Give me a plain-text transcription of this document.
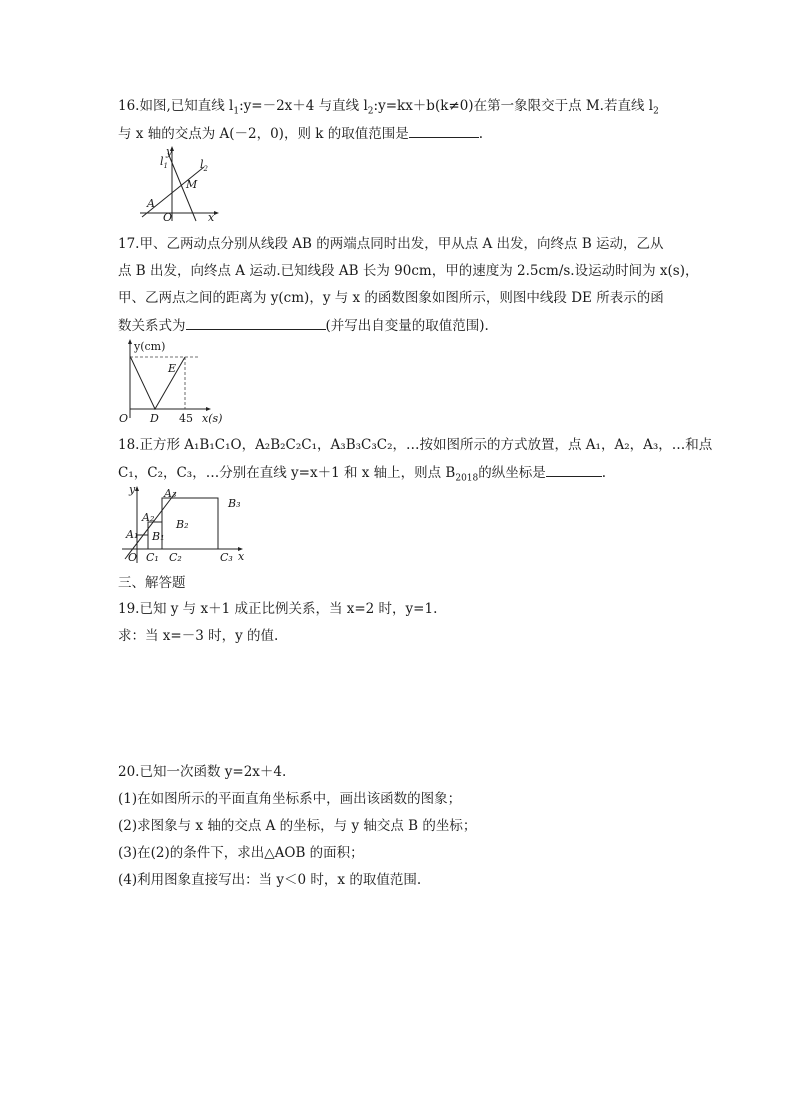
16.如图,已知直线 $l_1:y=-2x+4$ 与直线 $l_2:y=kx+b(k\ne 0)$在第一象限交于点 M.若直线 $l_2$
与 x 轴的交点为 A(－2，0)，则 k 的取值范围是	.
y
$l_1$	$l_2$
M
A
O	x
17.甲、乙两动点分别从线段 AB 的两端点同时出发，甲从点 A 出发，向终点 B 运动，乙从
点 B 出发，向终点 A 运动.已知线段 AB 长为 90cm，甲的速度为 2.5cm/s.设运动时间为 x(s)，
甲、乙两点之间的距离为 y(cm)，y 与 x 的函数图象如图所示，则图中线段 DE 所表示的函
数关系式为	(并写出自变量的取值范围).
y(cm)
E
O D 45 x(s)
18.正方形 A₁B₁C₁O，A₂B₂C₂C₁，A₃B₃C₃C₂，…按如图所示的方式放置，点 A₁，A₂，A₃，…和点
C₁，C₂，C₃，…分别在直线 y=x＋1 和 x 轴上，则点 $B_{2018}$的纵坐标是	.
y	A₃
A₂
A₁
B₃
B₂
B₁
O C₁ C₂	C₃ x
三、解答题
19.已知 y 与 x＋1 成正比例关系，当 x=2 时，y=1.
求：当 x=－3 时，y 的值.
20.已知一次函数 y=2x＋4.
(1)在如图所示的平面直角坐标系中，画出该函数的图象；
(2)求图象与 x 轴的交点 A 的坐标，与 y 轴交点 B 的坐标；
(3)在(2)的条件下，求出△AOB 的面积；
(4)利用图象直接写出：当 y＜0 时，x 的取值范围.
